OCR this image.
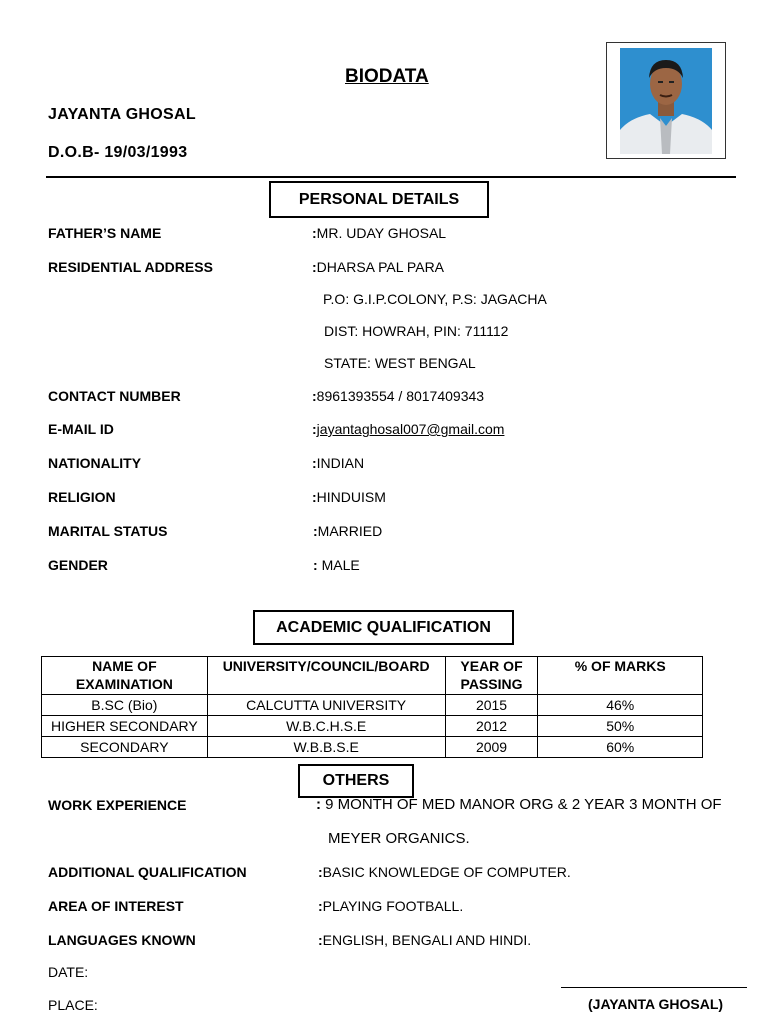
BIODATA
JAYANTA GHOSAL
D.O.B- 19/03/1993
PERSONAL DETAILS
FATHER’S NAME	:MR. UDAY GHOSAL
RESIDENTIAL ADDRESS	:DHARSA PAL PARA
P.O: G.I.P.COLONY, P.S: JAGACHA
DIST: HOWRAH, PIN: 711112
STATE: WEST BENGAL
CONTACT NUMBER	:8961393554 / 8017409343
E-MAIL ID	:jayantaghosal007@gmail.com
NATIONALITY	:INDIAN
RELIGION	:HINDUISM
MARITAL STATUS	:MARRIED
GENDER	: MALE
ACADEMIC QUALIFICATION
NAME OF EXAMINATION	UNIVERSITY/COUNCIL/BOARD	YEAR OF PASSING	% OF MARKS
B.SC (Bio)	CALCUTTA UNIVERSITY	2015	46%
HIGHER SECONDARY	W.B.C.H.S.E	2012	50%
SECONDARY	W.B.B.S.E	2009	60%
OTHERS
WORK EXPERIENCE	: 9 MONTH OF MED MANOR ORG & 2 YEAR 3 MONTH OF
MEYER ORGANICS.
ADDITIONAL QUALIFICATION	:BASIC KNOWLEDGE OF COMPUTER.
AREA OF INTEREST	:PLAYING FOOTBALL.
LANGUAGES KNOWN	:ENGLISH, BENGALI AND HINDI.
DATE:
PLACE:	(JAYANTA GHOSAL)
